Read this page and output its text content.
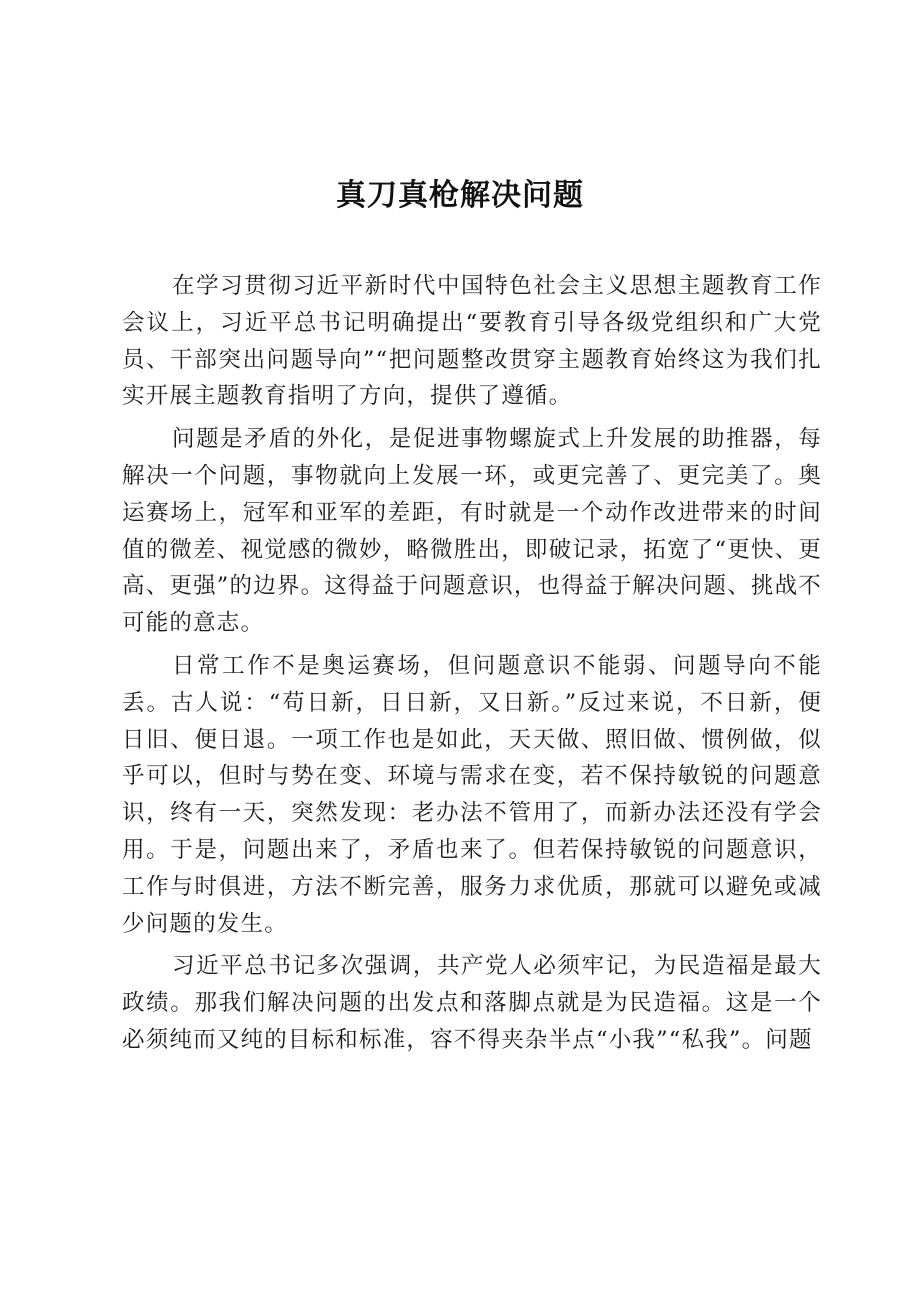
真刀真枪解决问题

在学习贯彻习近平新时代中国特色社会主义思想主题教育工作会议上，习近平总书记明确提出“要教育引导各级党组织和广大党员、干部突出问题导向”“把问题整改贯穿主题教育始终这为我们扎实开展主题教育指明了方向，提供了遵循。

问题是矛盾的外化，是促进事物螺旋式上升发展的助推器，每解决一个问题，事物就向上发展一环，或更完善了、更完美了。奥运赛场上，冠军和亚军的差距，有时就是一个动作改进带来的时间值的微差、视觉感的微妙，略微胜出，即破记录，拓宽了“更快、更高、更强”的边界。这得益于问题意识，也得益于解决问题、挑战不可能的意志。

日常工作不是奥运赛场，但问题意识不能弱、问题导向不能丢。古人说：“苟日新，日日新，又日新。”反过来说，不日新，便日旧、便日退。一项工作也是如此，天天做、照旧做、惯例做，似乎可以，但时与势在变、环境与需求在变，若不保持敏锐的问题意识，终有一天，突然发现：老办法不管用了，而新办法还没有学会用。于是，问题出来了，矛盾也来了。但若保持敏锐的问题意识，工作与时俱进，方法不断完善，服务力求优质，那就可以避免或减少问题的发生。

习近平总书记多次强调，共产党人必须牢记，为民造福是最大政绩。那我们解决问题的出发点和落脚点就是为民造福。这是一个必须纯而又纯的目标和标准，容不得夹杂半点“小我”“私我”。问题
